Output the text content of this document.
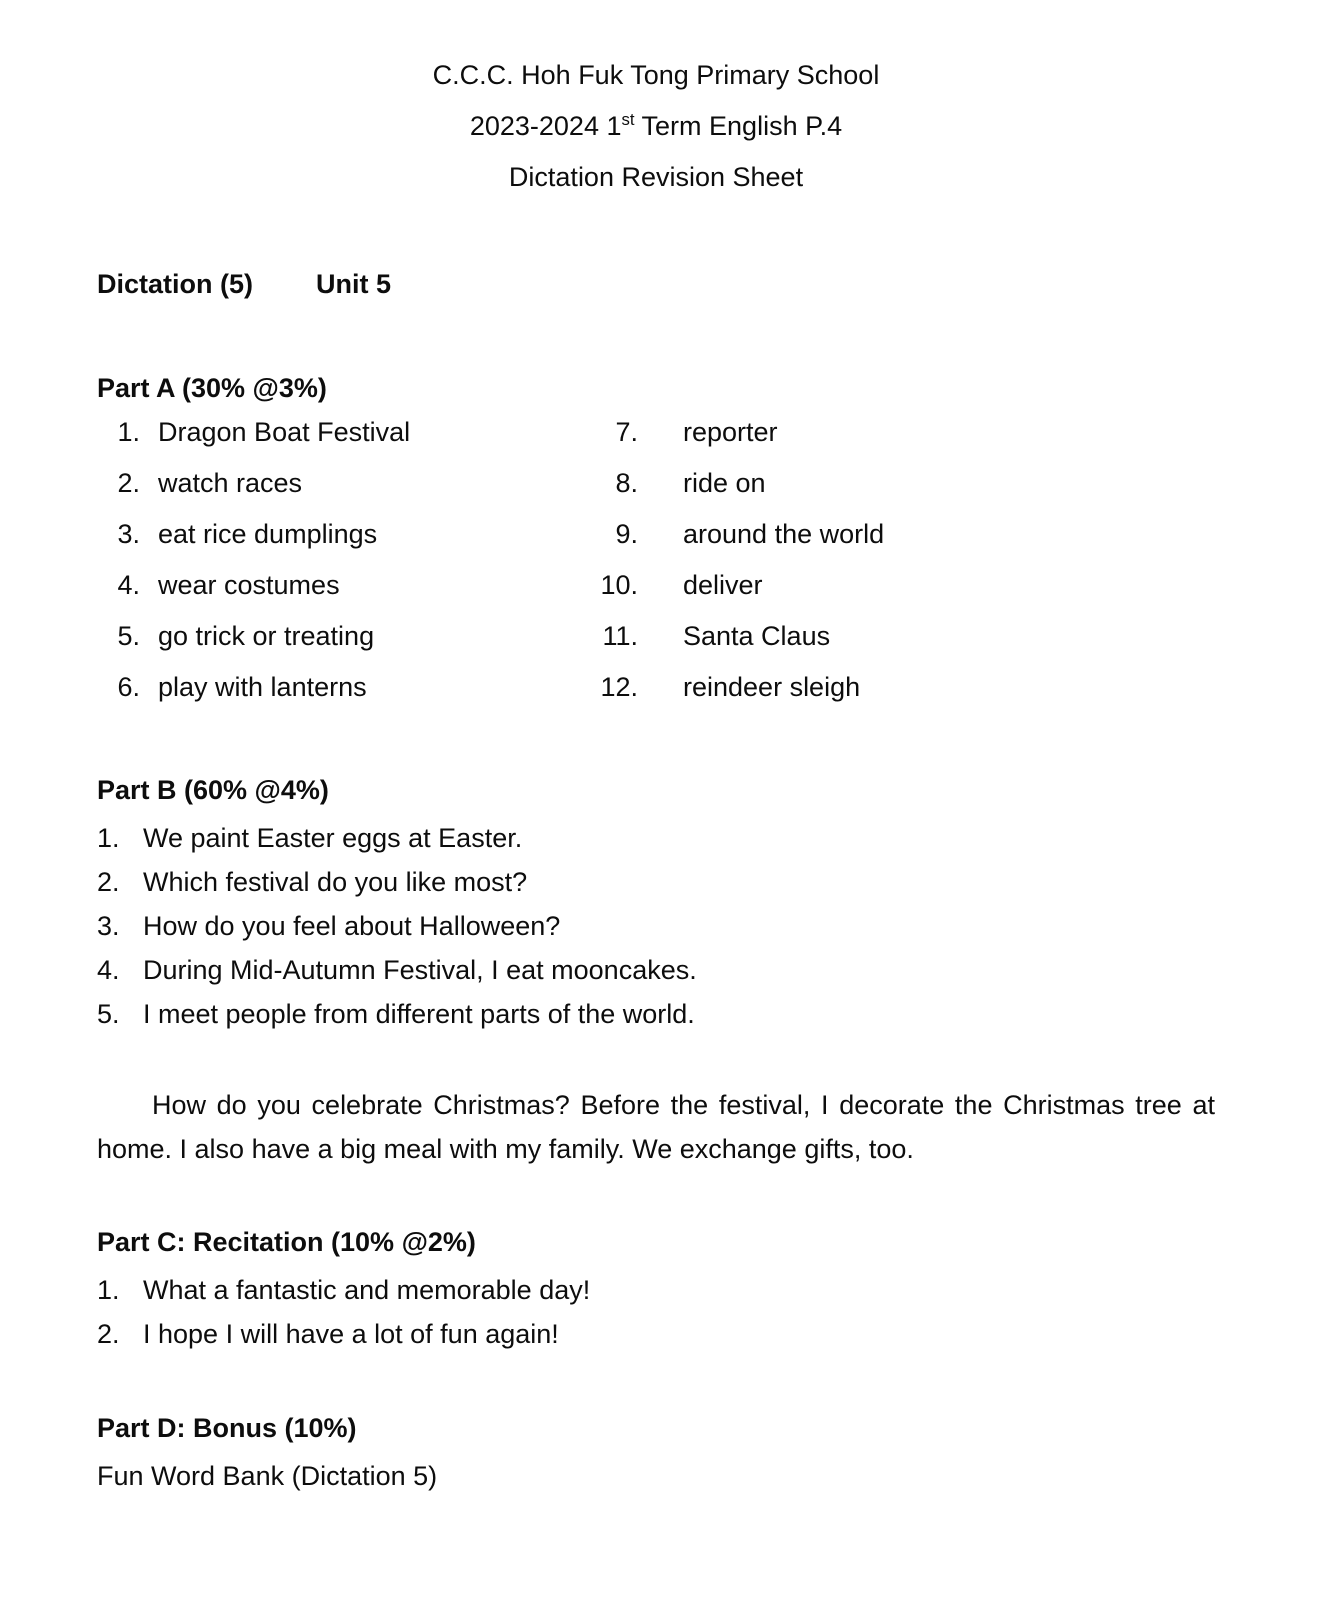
C.C.C. Hoh Fuk Tong Primary School
2023-2024 1st Term English P.4
Dictation Revision Sheet
Dictation (5) Unit 5
Part A (30% @3%)
1. Dragon Boat Festival	7.	reporter
2. watch races	8.	ride on
3. eat rice dumplings	9.	around the world
4. wear costumes	10.	deliver
5. go trick or treating	11.	Santa Claus
6. play with lanterns	12.	reindeer sleigh
Part B (60% @4%)
1. We paint Easter eggs at Easter.
2. Which festival do you like most?
3. How do you feel about Halloween?
4. During Mid-Autumn Festival, I eat mooncakes.
5. I meet people from different parts of the world.
How do you celebrate Christmas? Before the festival, I decorate the Christmas tree at home. I also have a big meal with my family. We exchange gifts, too.
Part C: Recitation (10% @2%)
1. What a fantastic and memorable day!
2. I hope I will have a lot of fun again!
Part D: Bonus (10%)
Fun Word Bank (Dictation 5)
